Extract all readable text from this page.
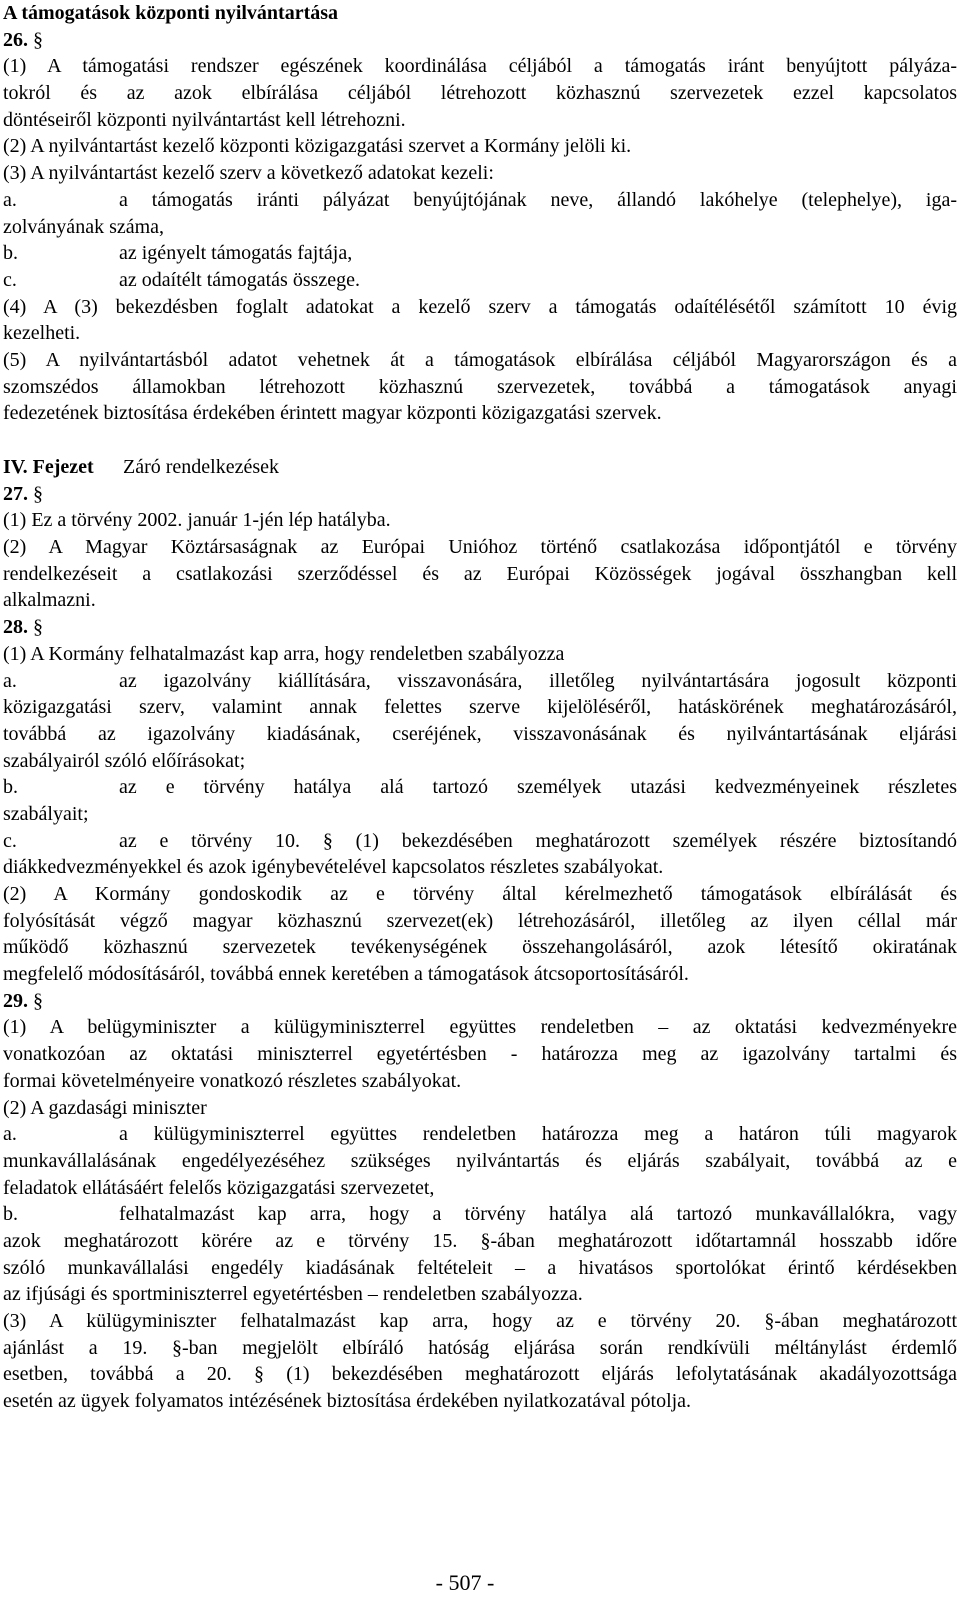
A támogatások központi nyilvántartása
26. §
(1) A támogatási rendszer egészének koordinálása céljából a támogatás iránt benyújtott pályáza-
tokról és az azok elbírálása céljából létrehozott közhasznú szervezetek ezzel kapcsolatos
döntéseiről központi nyilvántartást kell létrehozni.
(2) A nyilvántartást kezelő központi közigazgatási szervet a Kormány jelöli ki.
(3) A nyilvántartást kezelő szerv a következő adatokat kezeli:
a.	a támogatás iránti pályázat benyújtójának neve, állandó lakóhelye (telephelye), iga-
zolványának száma,
b.	az igényelt támogatás fajtája,
c.	az odaítélt támogatás összege.
(4) A (3) bekezdésben foglalt adatokat a kezelő szerv a támogatás odaítélésétől számított 10 évig
kezelheti.
(5) A nyilvántartásból adatot vehetnek át a támogatások elbírálása céljából Magyarországon és a
szomszédos államokban létrehozott közhasznú szervezetek, továbbá a támogatások anyagi
fedezetének biztosítása érdekében érintett magyar központi közigazgatási szervek.
IV. Fejezet Záró rendelkezések
27. §
(1) Ez a törvény 2002. január 1-jén lép hatályba.
(2) A Magyar Köztársaságnak az Európai Unióhoz történő csatlakozása időpontjától e törvény
rendelkezéseit a csatlakozási szerződéssel és az Európai Közösségek jogával összhangban kell
alkalmazni.
28. §
(1) A Kormány felhatalmazást kap arra, hogy rendeletben szabályozza
a.	az igazolvány kiállítására, visszavonására, illetőleg nyilvántartására jogosult központi
közigazgatási szerv, valamint annak felettes szerve kijelöléséről, hatáskörének meghatározásáról,
továbbá az igazolvány kiadásának, cseréjének, visszavonásának és nyilvántartásának eljárási
szabályairól szóló előírásokat;
b.	az e törvény hatálya alá tartozó személyek utazási kedvezményeinek részletes
szabályait;
c.	az e törvény 10. § (1) bekezdésében meghatározott személyek részére biztosítandó
diákkedvezményekkel és azok igénybevételével kapcsolatos részletes szabályokat.
(2) A Kormány gondoskodik az e törvény által kérelmezhető támogatások elbírálását és
folyósítását végző magyar közhasznú szervezet(ek) létrehozásáról, illetőleg az ilyen céllal már
működő közhasznú szervezetek tevékenységének összehangolásáról, azok létesítő okiratának
megfelelő módosításáról, továbbá ennek keretében a támogatások átcsoportosításáról.
29. §
(1) A belügyminiszter a külügyminiszterrel együttes rendeletben – az oktatási kedvezményekre
vonatkozóan az oktatási miniszterrel egyetértésben - határozza meg az igazolvány tartalmi és
formai követelményeire vonatkozó részletes szabályokat.
(2) A gazdasági miniszter
a.	a külügyminiszterrel együttes rendeletben határozza meg a határon túli magyarok
munkavállalásának engedélyezéséhez szükséges nyilvántartás és eljárás szabályait, továbbá az e
feladatok ellátásáért felelős közigazgatási szervezetet,
b.	felhatalmazást kap arra, hogy a törvény hatálya alá tartozó munkavállalókra, vagy
azok meghatározott körére az e törvény 15. §-ában meghatározott időtartamnál hosszabb időre
szóló munkavállalási engedély kiadásának feltételeit – a hivatásos sportolókat érintő kérdésekben
az ifjúsági és sportminiszterrel egyetértésben – rendeletben szabályozza.
(3) A külügyminiszter felhatalmazást kap arra, hogy az e törvény 20. §-ában meghatározott
ajánlást a 19. §-ban megjelölt elbíráló hatóság eljárása során rendkívüli méltánylást érdemlő
esetben, továbbá a 20. § (1) bekezdésében meghatározott eljárás lefolytatásának akadályozottsága
esetén az ügyek folyamatos intézésének biztosítása érdekében nyilatkozatával pótolja.
- 507 -
